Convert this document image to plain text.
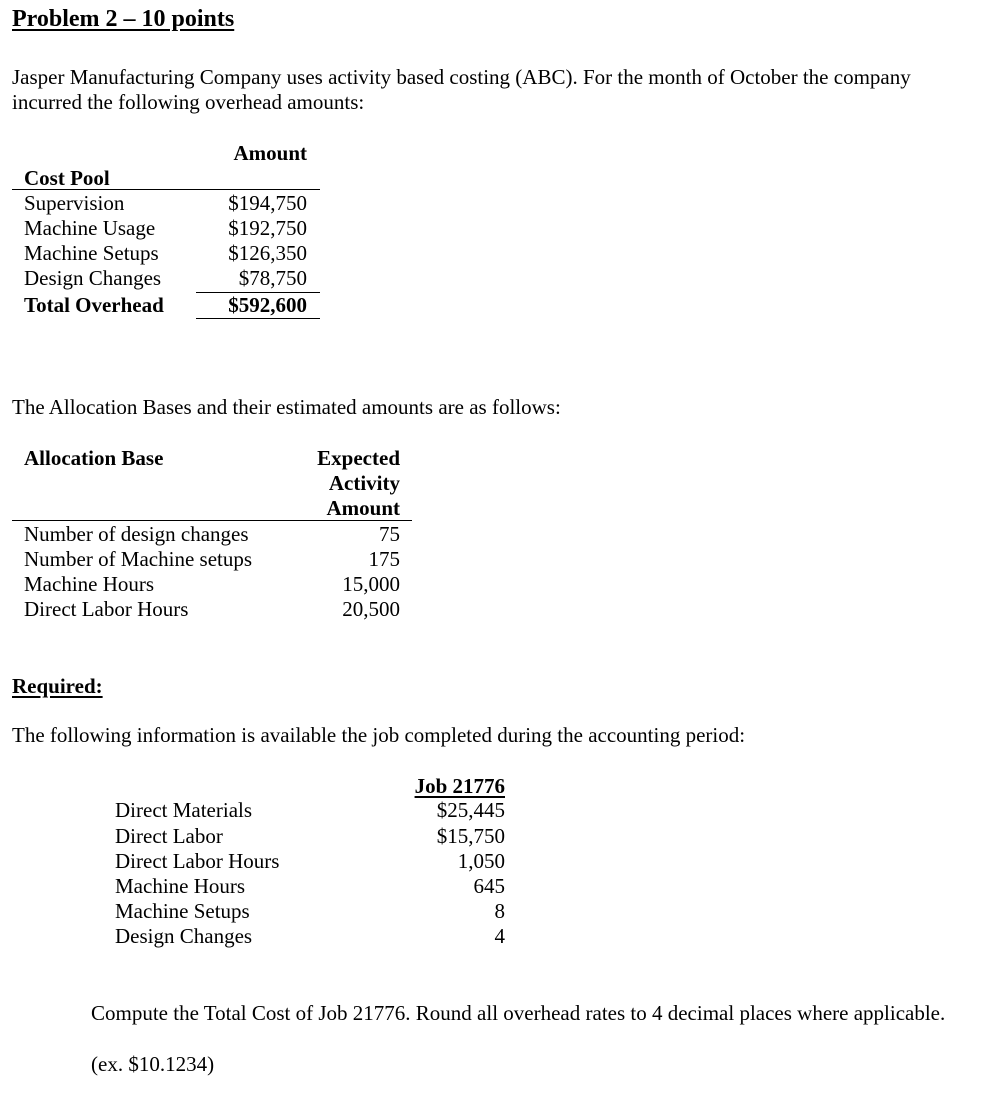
Problem 2 – 10 points
Jasper Manufacturing Company uses activity based costing (ABC). For the month of October the company
incurred the following overhead amounts:
Amount
Cost Pool
Supervision	$194,750
Machine Usage	$192,750
Machine Setups	$126,350
Design Changes	$78,750
Total Overhead	$592,600
The Allocation Bases and their estimated amounts are as follows:
Allocation Base	Expected
Activity
Amount
Number of design changes	75
Number of Machine setups	175
Machine Hours	15,000
Direct Labor Hours	20,500
Required:
The following information is available the job completed during the accounting period:
Job 21776
Direct Materials	$25,445
Direct Labor	$15,750
Direct Labor Hours	1,050
Machine Hours	645
Machine Setups	8
Design Changes	4
Compute the Total Cost of Job 21776. Round all overhead rates to 4 decimal places where applicable.
(ex. $10.1234)
